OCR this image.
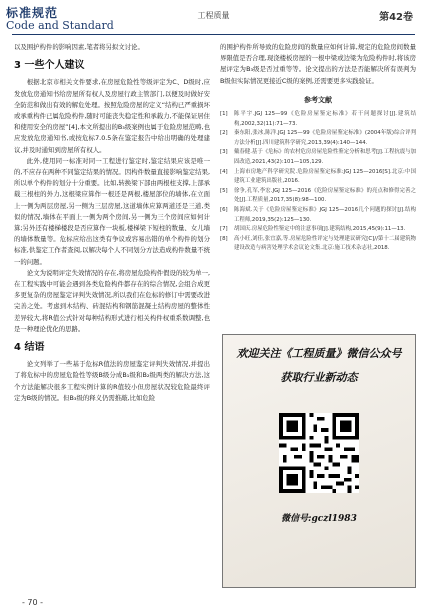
标准规范
Code and Standard
工程质量	第42卷

以及围护构件的影响因素,笔者将另拟文讨论。

3 一些个人建议

根据北京市相关文件要求,在房屋危险性等级评定为C、D级时,应发放危房通知书给房屋所有权人及房屋行政主管部门,以便及时做好安全防范和做出有效的解危处理。按照危险房屋的定义“结构已严重损坏或承重构件已属危险构件,随时可能丧失稳定性和承载力,不能保证居住和使用安全的房屋”[4],本文所提出的B₃级案例也属于危险房屋范畴,也应发放危房通知书,或按危标7.0.5条在鉴定报告中给出明确的处理建议,并及时通知到房屋所有权人。

此外,使用同一标准对同一工程进行鉴定时,鉴定结果应该是唯一的,不应存在两种不同鉴定结果的情况。因构件数量直接影响鉴定结果,所以单个构件的划分十分重要。比如,转换梁下部由两根柱支撑,上部承载三根柱的外力,这根梁应算作一根还是两根,楼屋部位的墙体,在立面上一侧为两层房屋,另一侧为三层房屋,这道墙体应算两道还是三道,类似的情况,墙体在平面上一侧为两个房间,另一侧为三个房间应如何计算;另外还有楼梯楼段是否应算作一块板,楼梯梁下短柱的数量、女儿墙的墙体数量等。危标应给出这类有争议或容易出错的单个构件的划分标准,供鉴定工作者查阅,以解决每个人不同划分方法造成构件数量不统一的问题。

论文为说明评定失效情况的存在,将房屋危险构件假设的较为单一,在工程实践中可能会遇到各类危险构件都存在的综合情况,会组合成更多更复杂的房屋鉴定评判失效情况,所以我们在危标的修订中需要改进完善之处。考虑到木结构、砖混结构和钢筋混凝土结构房屋的整体性差异较大,将R值公式针对每种结构形式进行相关构件权重系数调整,也是一种理论优化的思路。

4 结语

论文列举了一些基于危标R值法的房屋鉴定评判失效情况,并提出了将危标中的房屋危险性等级B级分成B₁级和B₂级两类的解决方法,这个方法能解决很多工程实例计算的R值较小但房屋状况较危险最终评定为B级的情况。但B₃级的释义仍需推敲,比如危险

的围护构件所导致的危险房间的数量应如何计算,规定的危险房间数量界限值是否合理,现浇楼板房屋的一根中梁或边梁为危险构件时,将该房屋评定为B₃级是否过重等等。论文提出的方法是否能解决所有误判为B级但实际情况更接近C级的案例,还需要更多实践验证。

参考文献
[1]	陈平宇.JGJ 125—99《危险房屋鉴定标准》若干问题探讨[J].建筑结构,2002,32(11):71—73.
[2]	秦东阳,张冰,陈洋.JGJ 125—99《危险房屋鉴定标准》(2004年版)综合评判方法分析[J].四川建筑科学研究,2013,39(4):140—144.
[3]	戴春健.基于《危标》的农村危房房屋危险性鉴定分析和思考[J].工程抗震与加固改造,2021,43(2):101—105,129.
[4]	上海市房地产科学研究院.危险房屋鉴定标准:JGJ 125—2016[S].北京:中国建筑工业建筑出版社,2016.
[5]	徐争,孔军,李宏.JGJ 125—2016《危险房屋鉴定标准》的亮点和修得完善之处[J].工程质量,2017,35(8):98—100.
[6]	陈海斌.关于《危险房屋鉴定标准》JGJ 125—2016几个问题的探讨[J].结构工程师,2019,35(2):125—130.
[7]	胡国庆.房屋危险性鉴定中的注意事项[J].建筑结构,2015,45(9):11—13.
[8]	高小旺,刘佳,张宜嘉,等.房屋危险性评定与处理建议研究[C]//第十二届建筑物建设改造与病害处理学术会议论文集.北京:施工技术杂志社,2018.
欢迎关注《工程质量》微信公众号
获取行业新动态
微信号:gczl1983
- 70 -
